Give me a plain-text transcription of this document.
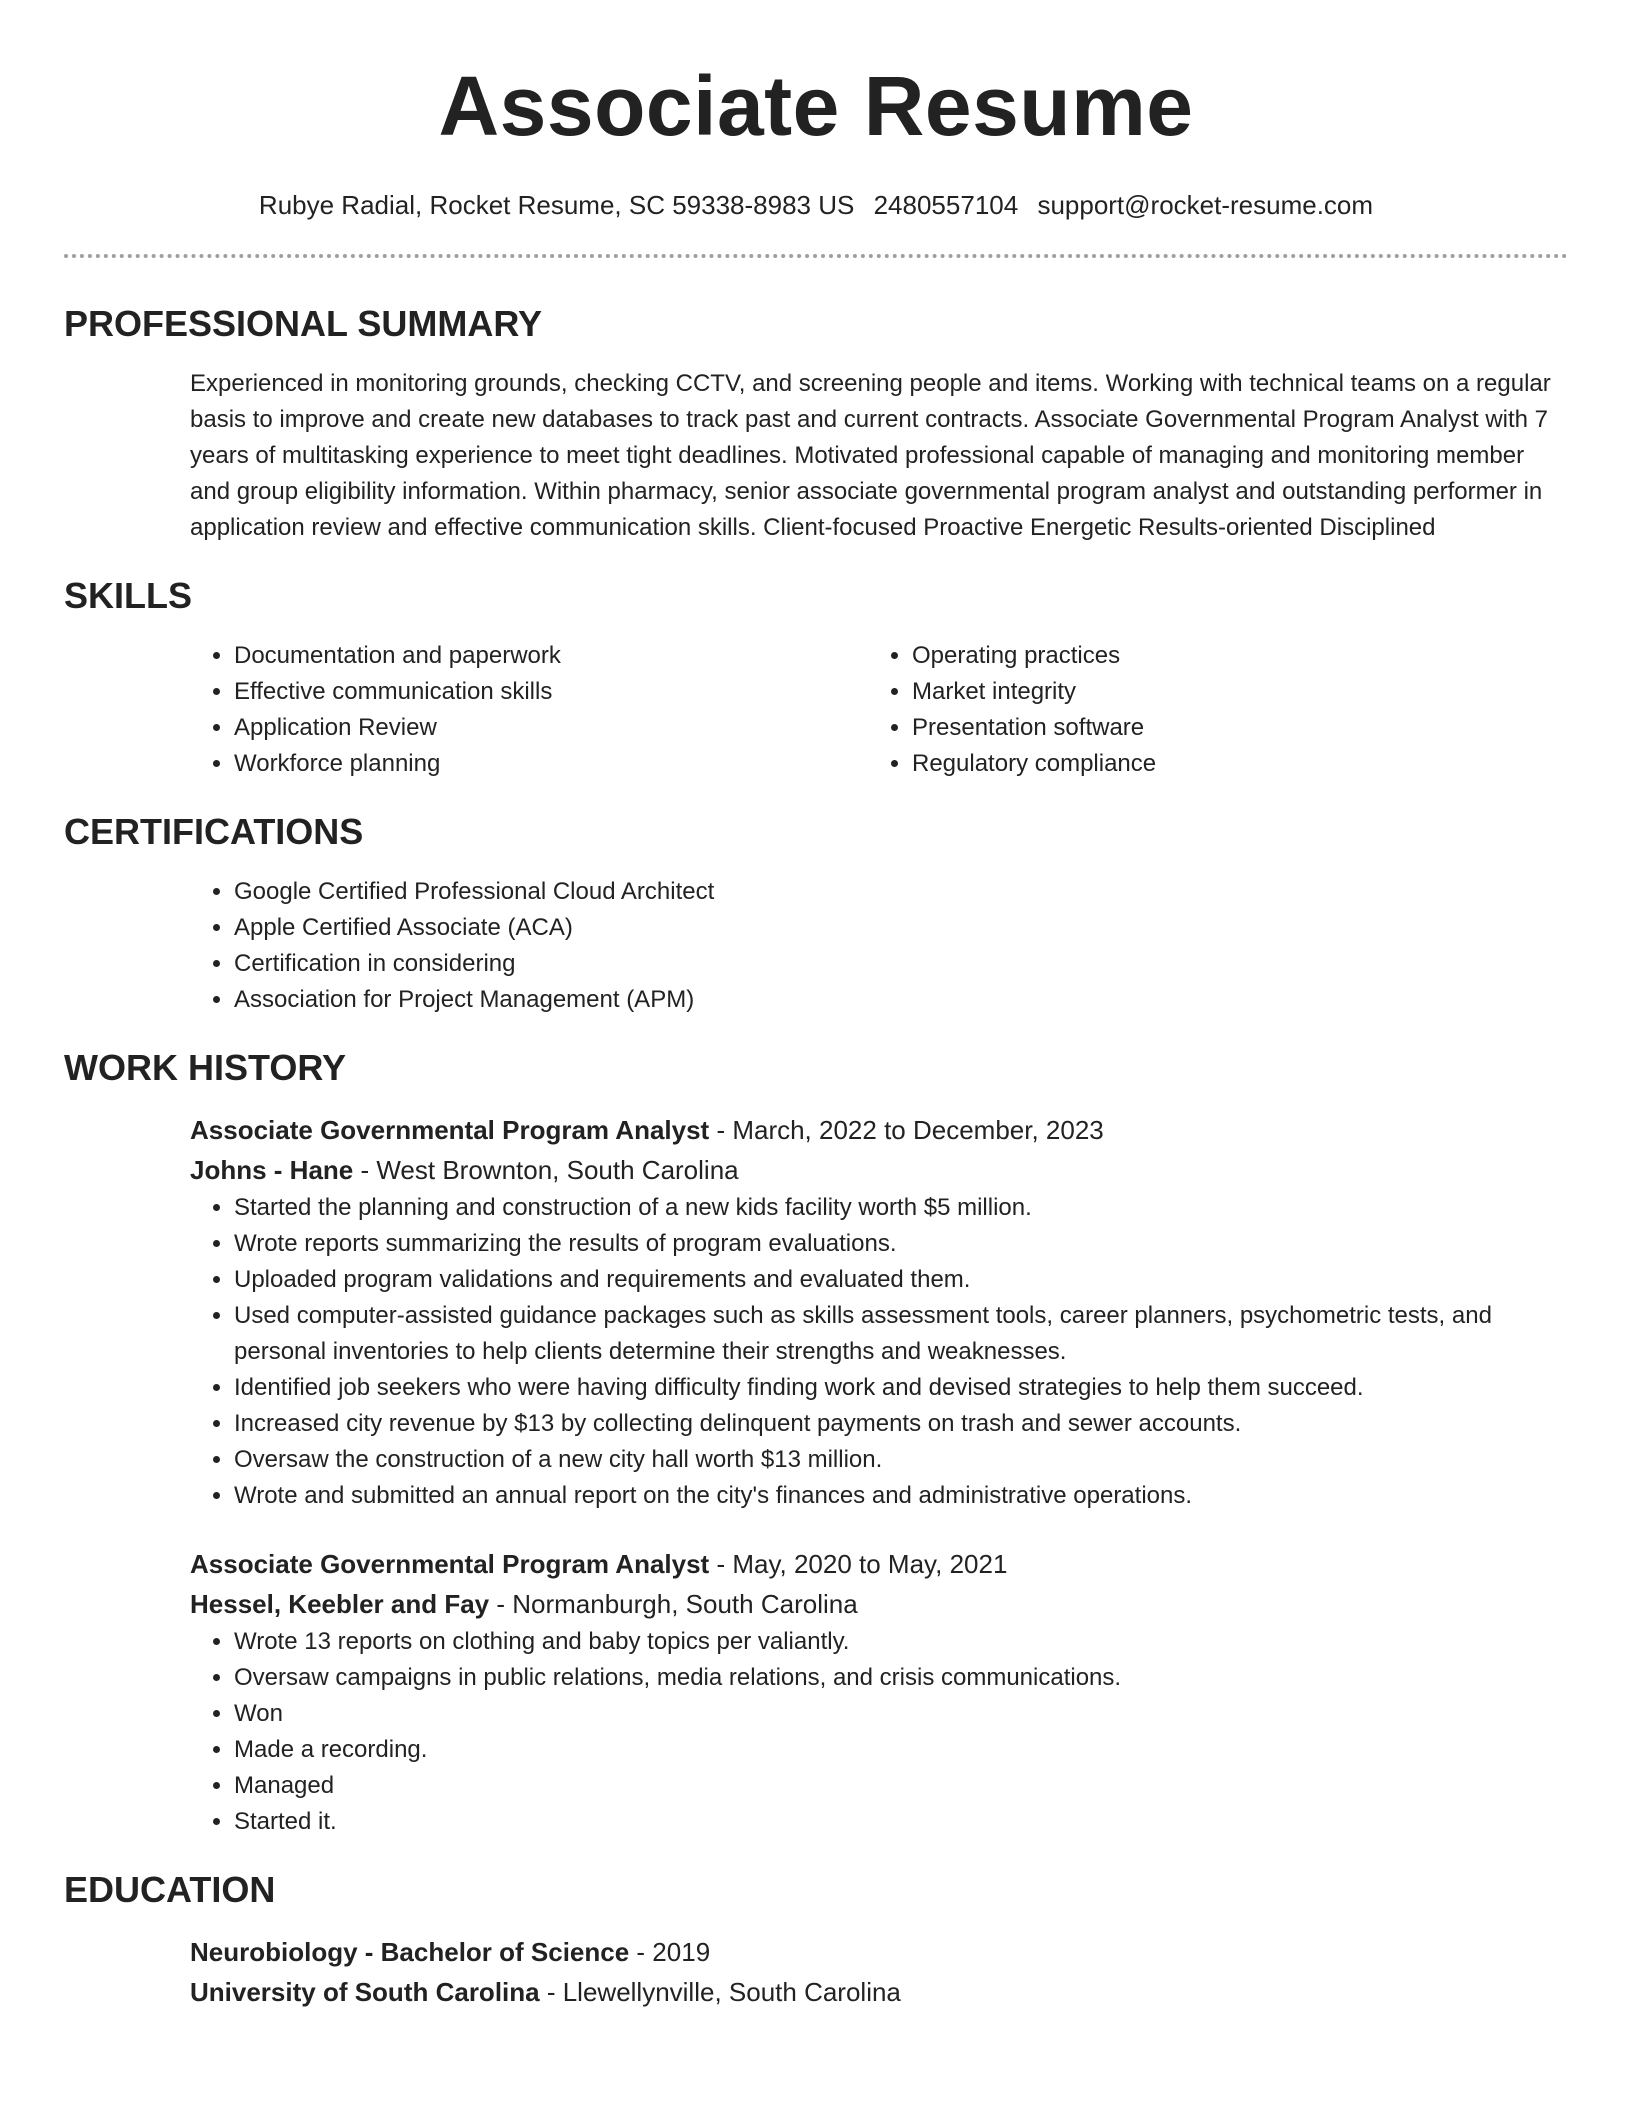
Associate Resume
Rubye Radial, Rocket Resume, SC 59338-8983 US 2480557104 support@rocket-resume.com
PROFESSIONAL SUMMARY
Experienced in monitoring grounds, checking CCTV, and screening people and items. Working with technical teams on a regular basis to improve and create new databases to track past and current contracts. Associate Governmental Program Analyst with 7 years of multitasking experience to meet tight deadlines. Motivated professional capable of managing and monitoring member and group eligibility information. Within pharmacy, senior associate governmental program analyst and outstanding performer in application review and effective communication skills. Client-focused Proactive Energetic Results-oriented Disciplined
SKILLS
• Documentation and paperwork
• Effective communication skills
• Application Review
• Workforce planning
• Operating practices
• Market integrity
• Presentation software
• Regulatory compliance
CERTIFICATIONS
• Google Certified Professional Cloud Architect
• Apple Certified Associate (ACA)
• Certification in considering
• Association for Project Management (APM)
WORK HISTORY
Associate Governmental Program Analyst - March, 2022 to December, 2023
Johns - Hane - West Brownton, South Carolina
• Started the planning and construction of a new kids facility worth $5 million.
• Wrote reports summarizing the results of program evaluations.
• Uploaded program validations and requirements and evaluated them.
• Used computer-assisted guidance packages such as skills assessment tools, career planners, psychometric tests, and personal inventories to help clients determine their strengths and weaknesses.
• Identified job seekers who were having difficulty finding work and devised strategies to help them succeed.
• Increased city revenue by $13 by collecting delinquent payments on trash and sewer accounts.
• Oversaw the construction of a new city hall worth $13 million.
• Wrote and submitted an annual report on the city's finances and administrative operations.
Associate Governmental Program Analyst - May, 2020 to May, 2021
Hessel, Keebler and Fay - Normanburgh, South Carolina
• Wrote 13 reports on clothing and baby topics per valiantly.
• Oversaw campaigns in public relations, media relations, and crisis communications.
• Won
• Made a recording.
• Managed
• Started it.
EDUCATION
Neurobiology - Bachelor of Science - 2019
University of South Carolina - Llewellynville, South Carolina
